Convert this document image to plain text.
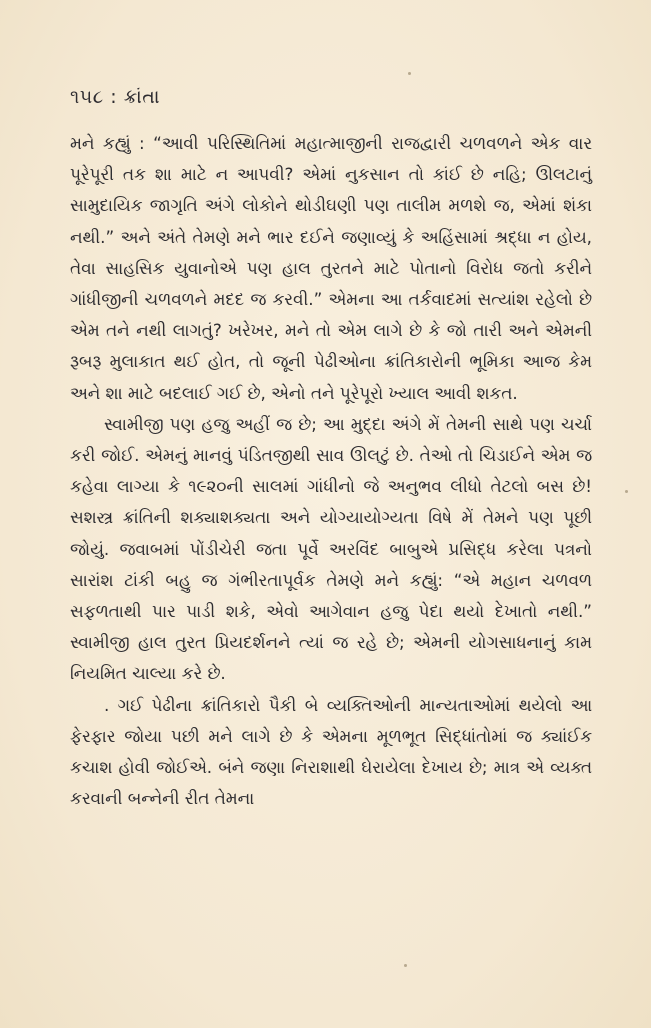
૧૫૮ : ક્રાંતા

મને કહ્યું : “આવી પરિસ્થિતિમાં મહાત્માજીની રાજદ્વારી ચળવળને એક વાર પૂરેપૂરી તક શા માટે ન આપવી? એમાં નુકસાન તો કાંઈ છે નહિ; ઊલટાનું સામુદાયિક જાગૃતિ અંગે લોકોને થોડીઘણી પણ તાલીમ મળશે જ, એમાં શંકા નથી.” અને અંતે તેમણે મને ભાર દઈને જણાવ્યું કે અહિંસામાં શ્રદ્ધા ન હોય, તેવા સાહસિક યુવાનોએ પણ હાલ તુરતને માટે પોતાનો વિરોધ જતો કરીને ગાંધીજીની ચળવળને મદદ જ કરવી.” એમના આ તર્કવાદમાં સત્યાંશ રહેલો છે એમ તને નથી લાગતું? ખરેખર, મને તો એમ લાગે છે કે જો તારી અને એમની રૂબરૂ મુલાકાત થઈ હોત, તો જૂની પેઢીઓના ક્રાંતિકારોની ભૂમિકા આજ કેમ અને શા માટે બદલાઈ ગઈ છે, એનો તને પૂરેપૂરો ખ્યાલ આવી શકત.

સ્વામીજી પણ હજુ અહીં જ છે; આ મુદ્દા અંગે મેં તેમની સાથે પણ ચર્ચા કરી જોઈ. એમનું માનવું પંડિતજીથી સાવ ઊલટું છે. તેઓ તો ચિડાઈને એમ જ કહેવા લાગ્યા કે ૧૯૨૦ની સાલમાં ગાંધીનો જે અનુભવ લીધો તેટલો બસ છે! સશસ્ત્ર ક્રાંતિની શક્યાશક્યતા અને યોગ્યાયોગ્યતા વિષે મેં તેમને પણ પૂછી જોયું. જવાબમાં પોંડીચેરી જતા પૂર્વે અરવિંદ બાબુએ પ્રસિદ્ધ કરેલા પત્રનો સારાંશ ટાંકી બહુ જ ગંભીરતાપૂર્વક તેમણે મને કહ્યું: “એ મહાન ચળવળ સફળતાથી પાર પાડી શકે, એવો આગેવાન હજુ પેદા થયો દેખાતો નથી.” સ્વામીજી હાલ તુરત પ્રિયદર્શનને ત્યાં જ રહે છે; એમની યોગસાધનાનું કામ નિયમિત ચાલ્યા કરે છે.

. ગઈ પેઢીના ક્રાંતિકારો પૈકી બે વ્યક્તિઓની માન્યતાઓમાં થયેલો આ ફેરફાર જોયા પછી મને લાગે છે કે એમના મૂળભૂત સિદ્ધાંતોમાં જ ક્યાંઈક કચાશ હોવી જોઈએ. બંને જણા નિરાશાથી ઘેરાયેલા દેખાય છે; માત્ર એ વ્યક્ત કરવાની બન્નેની રીત તેમના
